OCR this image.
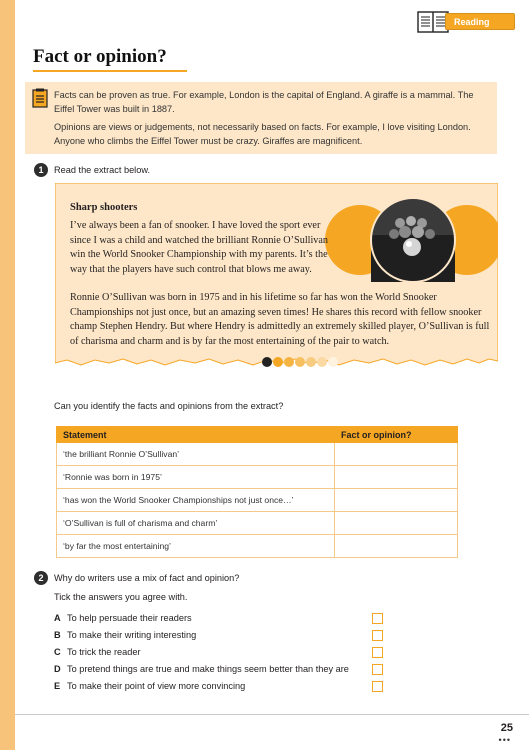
Reading
Fact or opinion?
Facts can be proven as true. For example, London is the capital of England. A giraffe is a mammal. The Eiffel Tower was built in 1887.
Opinions are views or judgements, not necessarily based on facts. For example, I love visiting London. Anyone who climbs the Eiffel Tower must be crazy. Giraffes are magnificent.
1	Read the extract below.
Sharp shooters
I’ve always been a fan of snooker. I have loved the sport ever since I was a child and watched the brilliant Ronnie O’Sullivan win the World Snooker Championship with my parents. It’s the way that the players have such control that blows me away.
Ronnie O’Sullivan was born in 1975 and in his lifetime so far has won the World Snooker Championships not just once, but an amazing seven times! He shares this record with fellow snooker champ Stephen Hendry. But where Hendry is admittedly an extremely skilled player, O’Sullivan is full of charisma and charm and is by far the most entertaining of the pair to watch.
Can you identify the facts and opinions from the extract?
Statement	Fact or opinion?
‘the brilliant Ronnie O’Sullivan’	
‘Ronnie was born in 1975’	
‘has won the World Snooker Championships not just once…’	
‘O’Sullivan is full of charisma and charm’	
‘by far the most entertaining’	
2	Why do writers use a mix of fact and opinion?
Tick the answers you agree with.
A To help persuade their readers
B To make their writing interesting
C To trick the reader
D To pretend things are true and make things seem better than they are
E To make their point of view more convincing
25
•••
